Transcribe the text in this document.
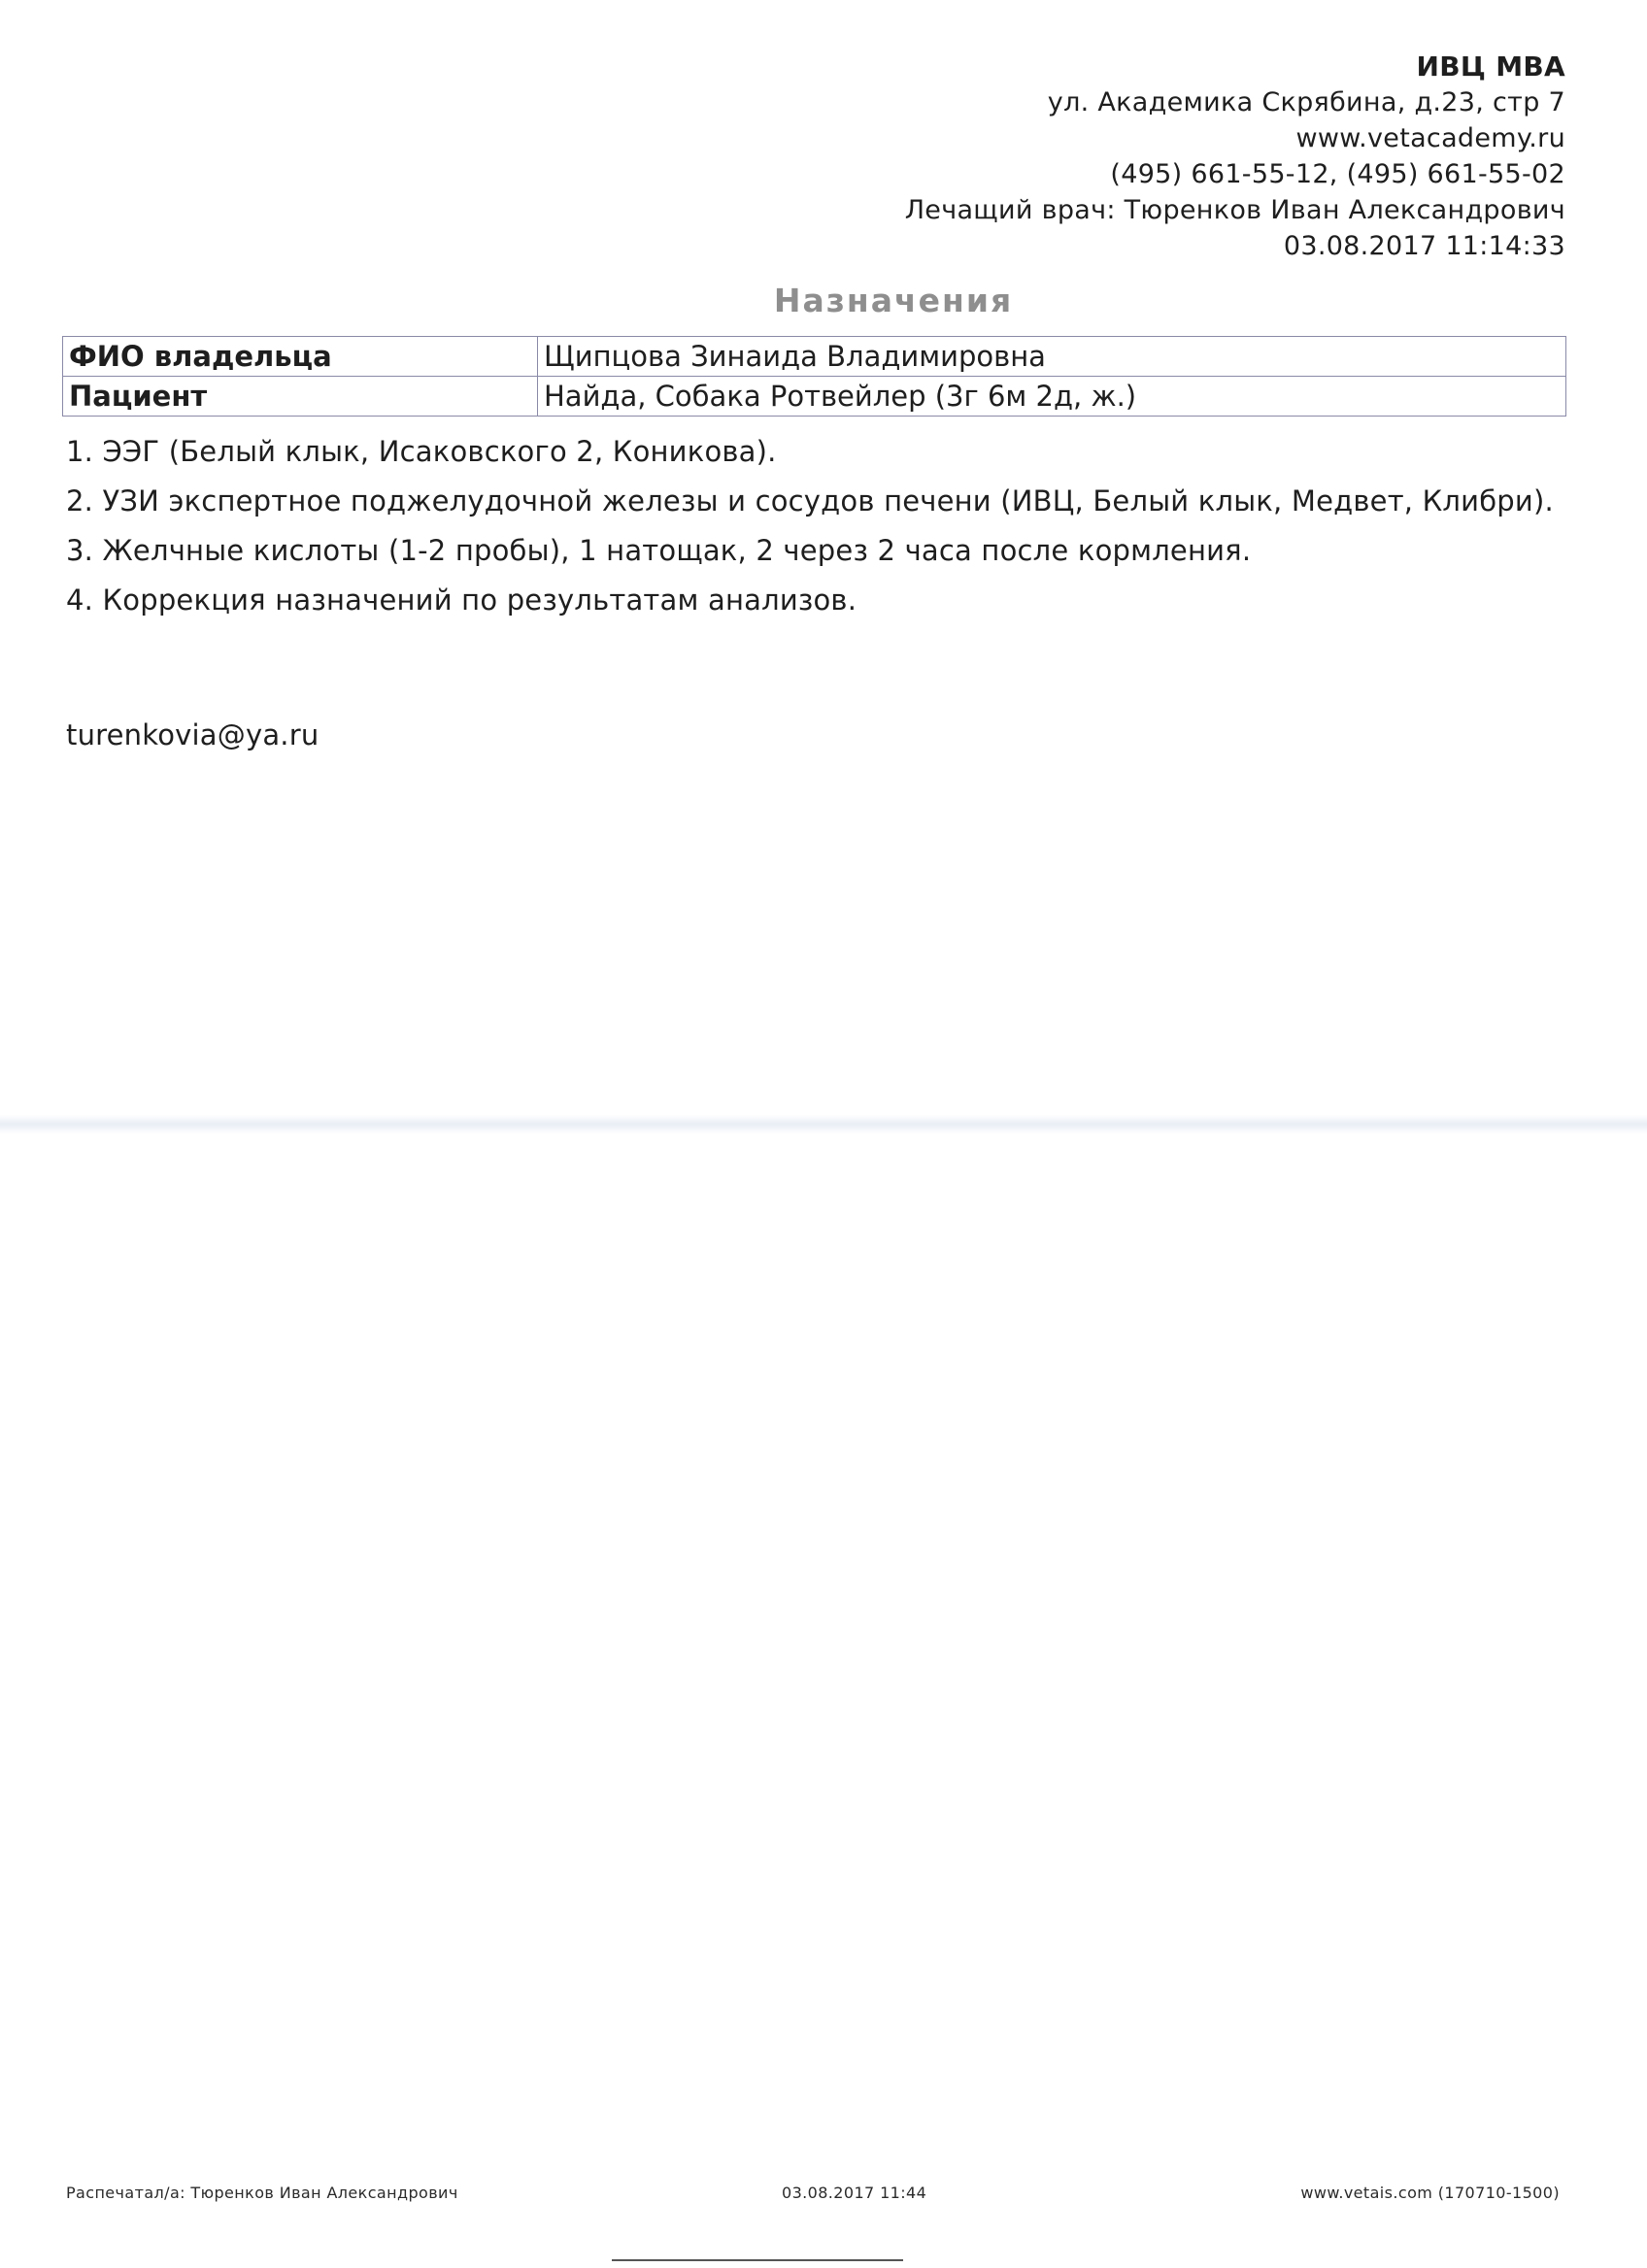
ИВЦ МВА
ул. Академика Скрябина, д.23, стр 7
www.vetacademy.ru
(495) 661-55-12, (495) 661-55-02
Лечащий врач: Тюренков Иван Александрович
03.08.2017 11:14:33
Назначения
ФИО владельца	Щипцова Зинаида Владимировна
Пациент	Найда, Собака Ротвейлер (3г 6м 2д, ж.)

1. ЭЭГ (Белый клык, Исаковского 2, Коникова).

2. УЗИ экспертное поджелудочной железы и сосудов печени (ИВЦ, Белый клык, Медвет, Клибри).

3. Желчные кислоты (1-2 пробы), 1 натощак, 2 через 2 часа после кормления.

4. Коррекция назначений по результатам анализов.

turenkovia@ya.ru
Распечатал/а: Тюренков Иван Александрович	03.08.2017 11:44	www.vetais.com (170710-1500)
